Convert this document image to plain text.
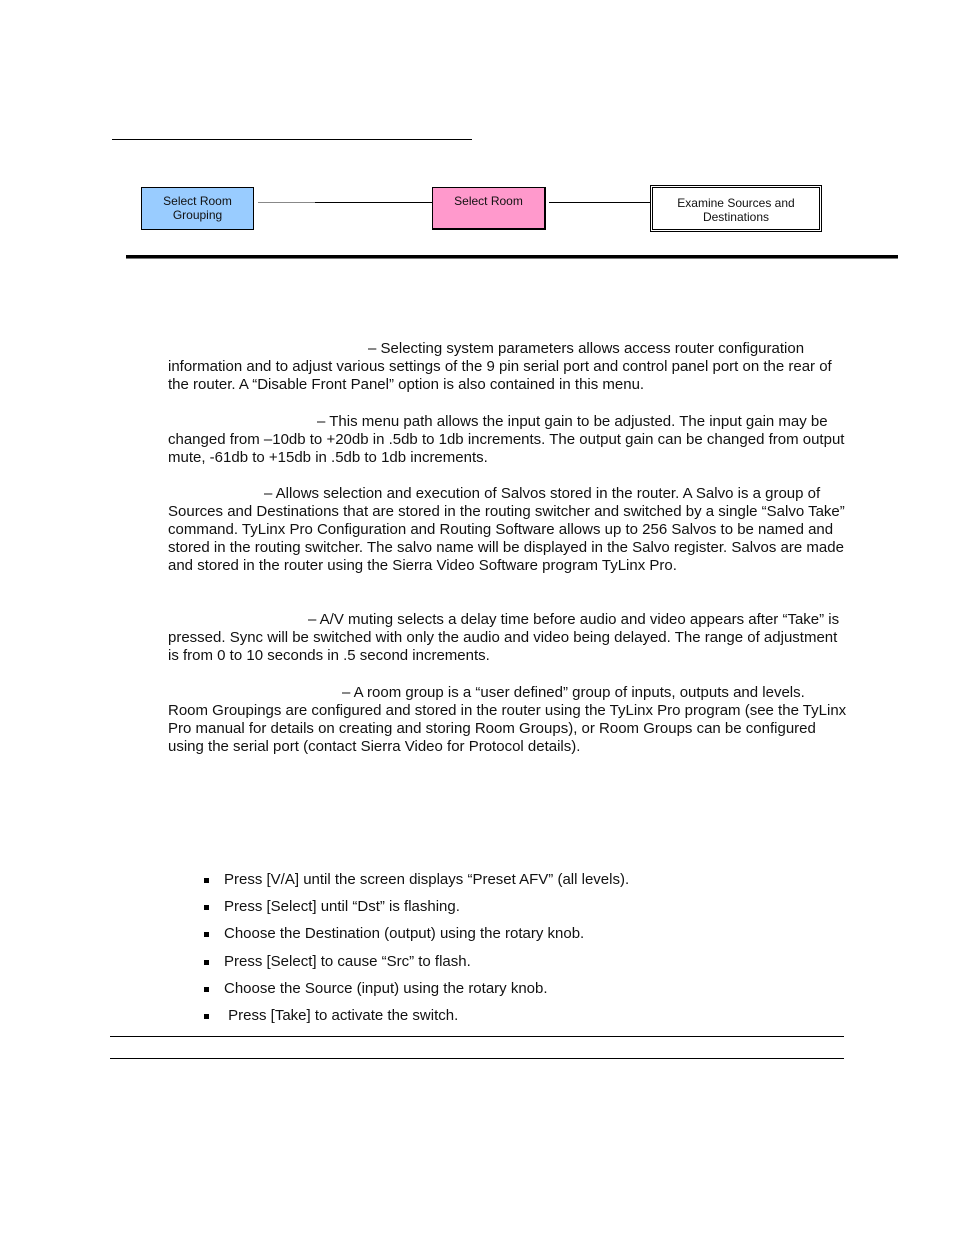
Select Room
Grouping
Select Room	Examine Sources and
Destinations
– Selecting system parameters allows access router configuration information and to adjust various settings of the 9 pin serial port and control panel port on the rear of the router. A “Disable Front Panel” option is also contained in this menu.
– This menu path allows the input gain to be adjusted. The input gain may be changed from –10db to +20db in .5db to 1db increments. The output gain can be changed from output mute, -61db to +15db in .5db to 1db increments.
– Allows selection and execution of Salvos stored in the router. A Salvo is a group of Sources and Destinations that are stored in the routing switcher and switched by a single “Salvo Take” command. TyLinx Pro Configuration and Routing Software allows up to 256 Salvos to be named and stored in the routing switcher. The salvo name will be displayed in the Salvo register. Salvos are made and stored in the router using the Sierra Video Software program TyLinx Pro.
– A/V muting selects a delay time before audio and video appears after “Take” is pressed. Sync will be switched with only the audio and video being delayed. The range of adjustment is from 0 to 10 seconds in .5 second increments.
– A room group is a “user defined” group of inputs, outputs and levels. Room Groupings are configured and stored in the router using the TyLinx Pro program (see the TyLinx Pro manual for details on creating and storing Room Groups), or Room Groups can be configured using the serial port (contact Sierra Video for Protocol details).
Press [V/A] until the screen displays “Preset AFV” (all levels).
Press [Select] until “Dst” is flashing.
Choose the Destination (output) using the rotary knob.
Press [Select] to cause “Src” to flash.
Choose the Source (input) using the rotary knob.
Press [Take] to activate the switch.
